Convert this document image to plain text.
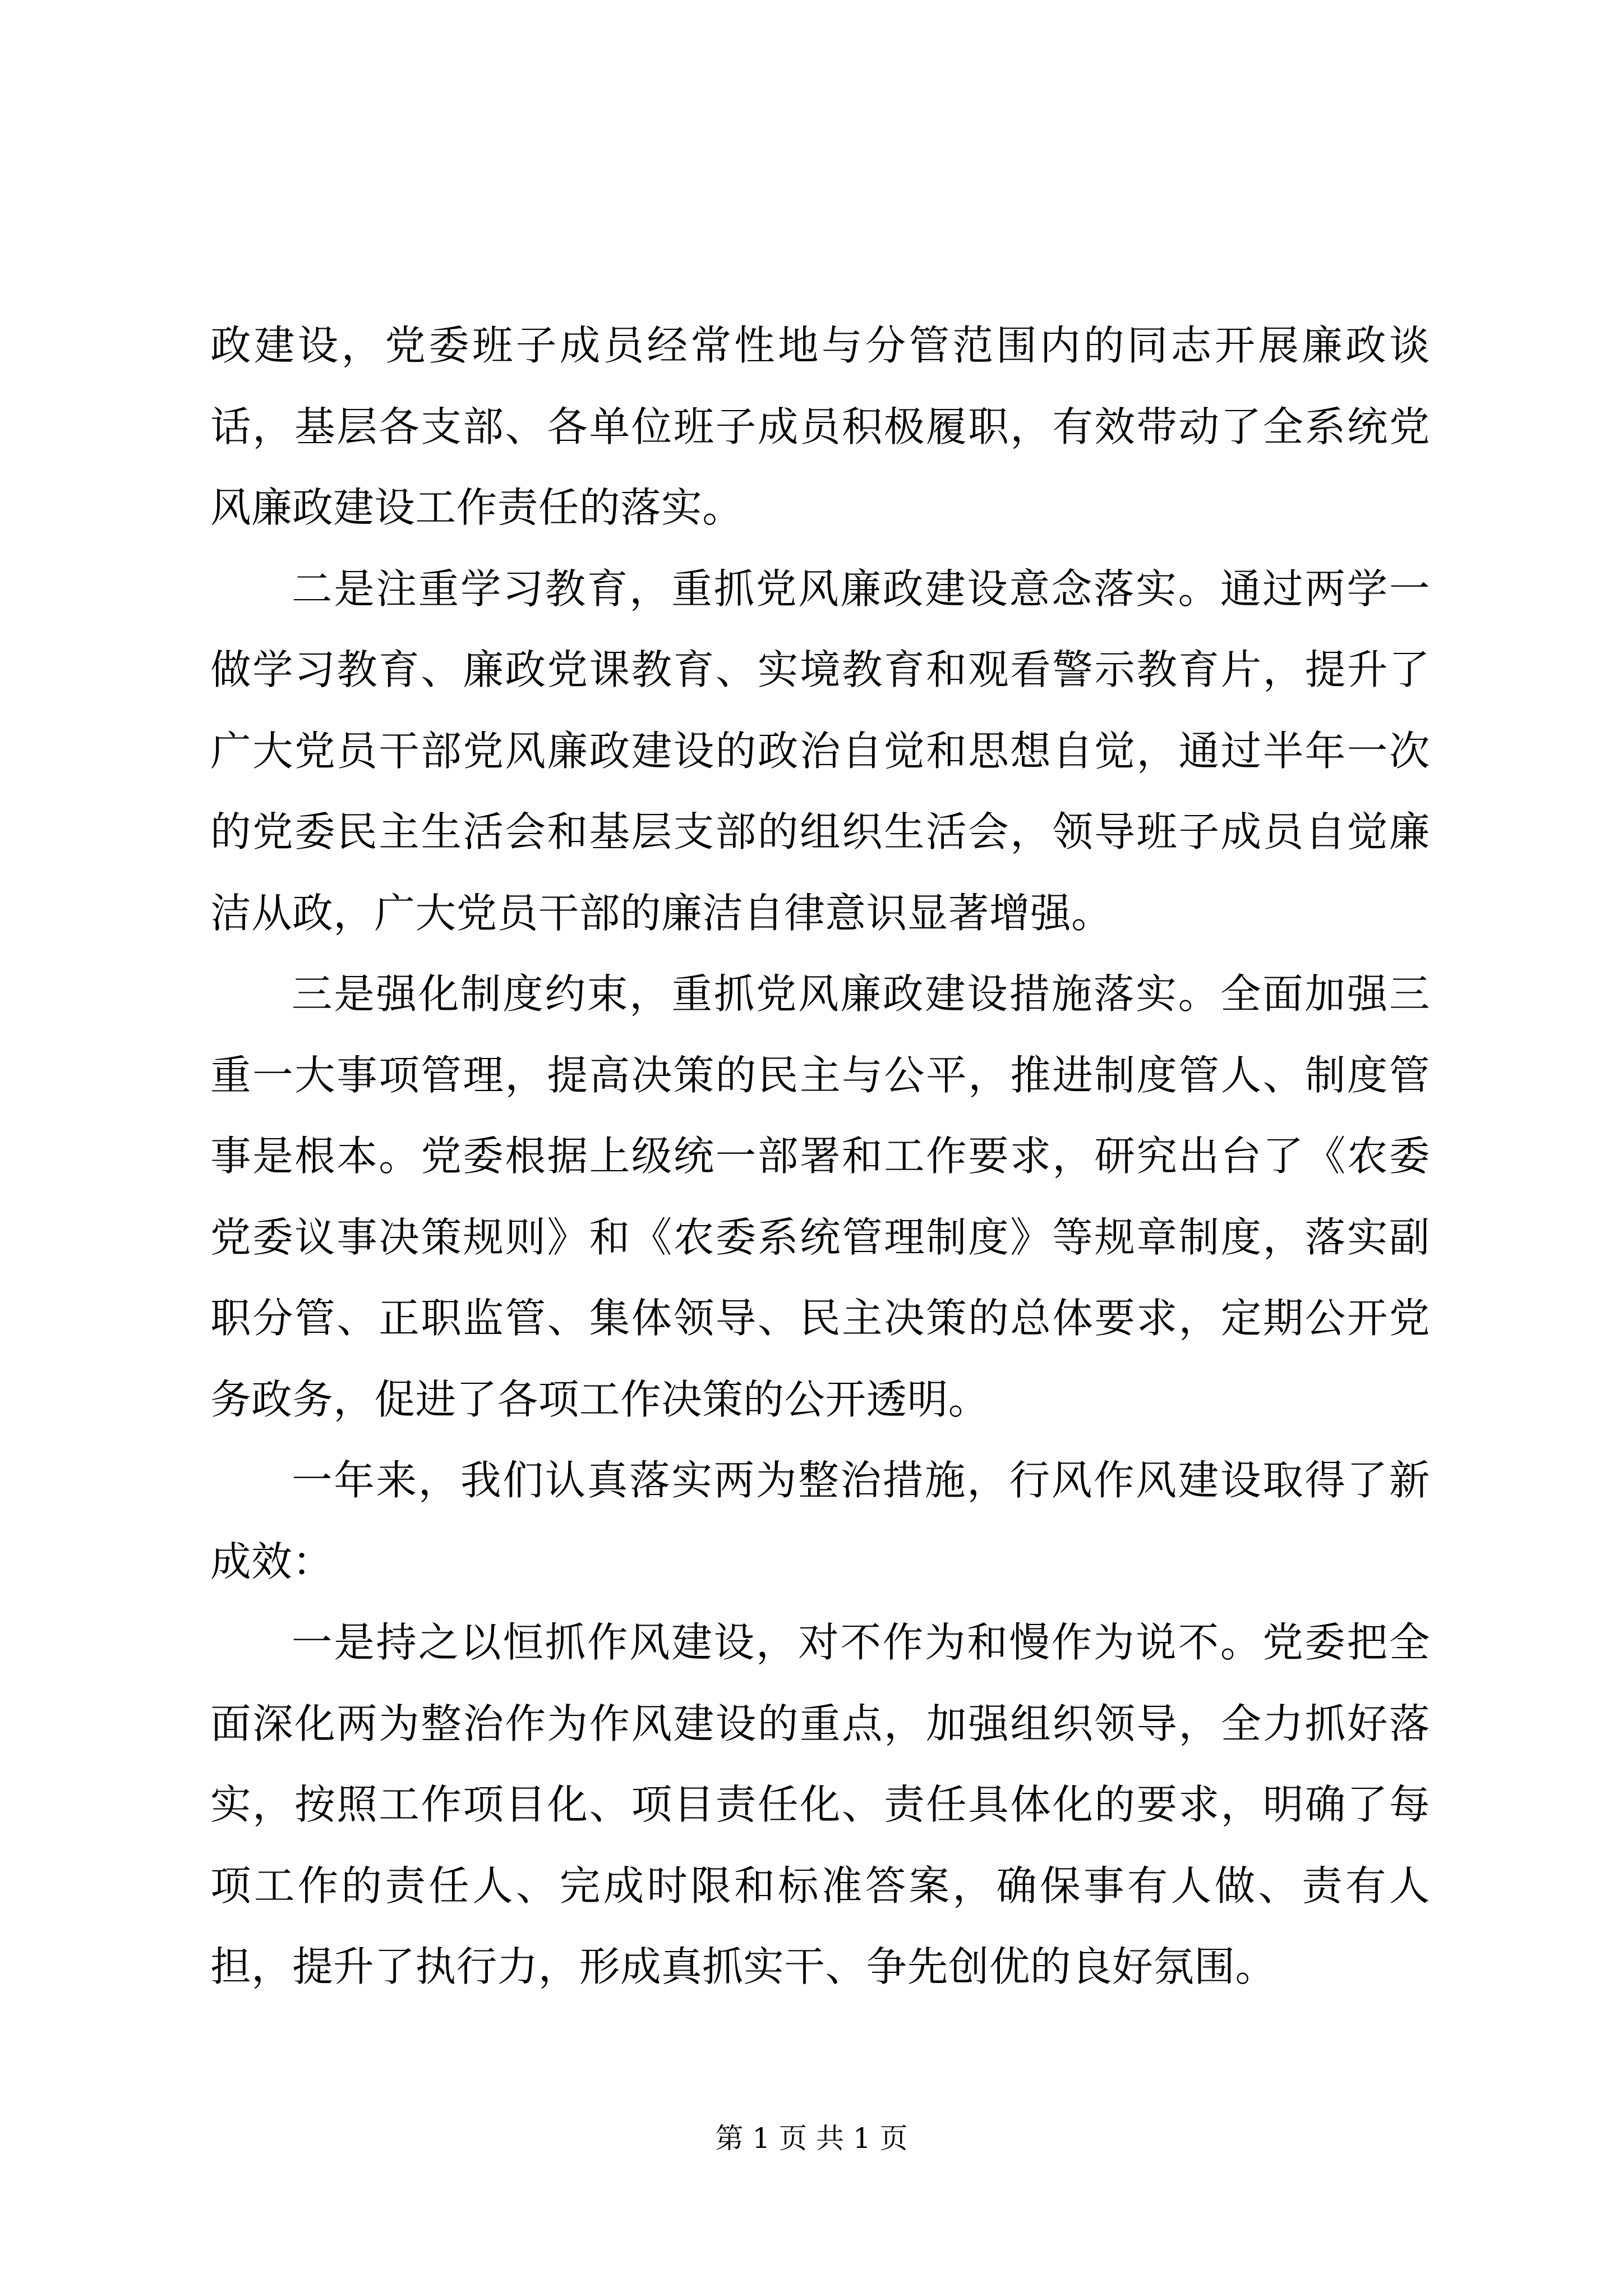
政建设，党委班子成员经常性地与分管范围内的同志开展廉政谈话，基层各支部、各单位班子成员积极履职，有效带动了全系统党风廉政建设工作责任的落实。

二是注重学习教育，重抓党风廉政建设意念落实。通过两学一做学习教育、廉政党课教育、实境教育和观看警示教育片，提升了广大党员干部党风廉政建设的政治自觉和思想自觉，通过半年一次的党委民主生活会和基层支部的组织生活会，领导班子成员自觉廉洁从政，广大党员干部的廉洁自律意识显著增强。

三是强化制度约束，重抓党风廉政建设措施落实。全面加强三重一大事项管理，提高决策的民主与公平，推进制度管人、制度管事是根本。党委根据上级统一部署和工作要求，研究出台了《农委党委议事决策规则》和《农委系统管理制度》等规章制度，落实副职分管、正职监管、集体领导、民主决策的总体要求，定期公开党务政务，促进了各项工作决策的公开透明。

一年来，我们认真落实两为整治措施，行风作风建设取得了新成效：

一是持之以恒抓作风建设，对不作为和慢作为说不。党委把全面深化两为整治作为作风建设的重点，加强组织领导，全力抓好落实，按照工作项目化、项目责任化、责任具体化的要求，明确了每项工作的责任人、完成时限和标准答案，确保事有人做、责有人担，提升了执行力，形成真抓实干、争先创优的良好氛围。

第 1 页 共 1 页
